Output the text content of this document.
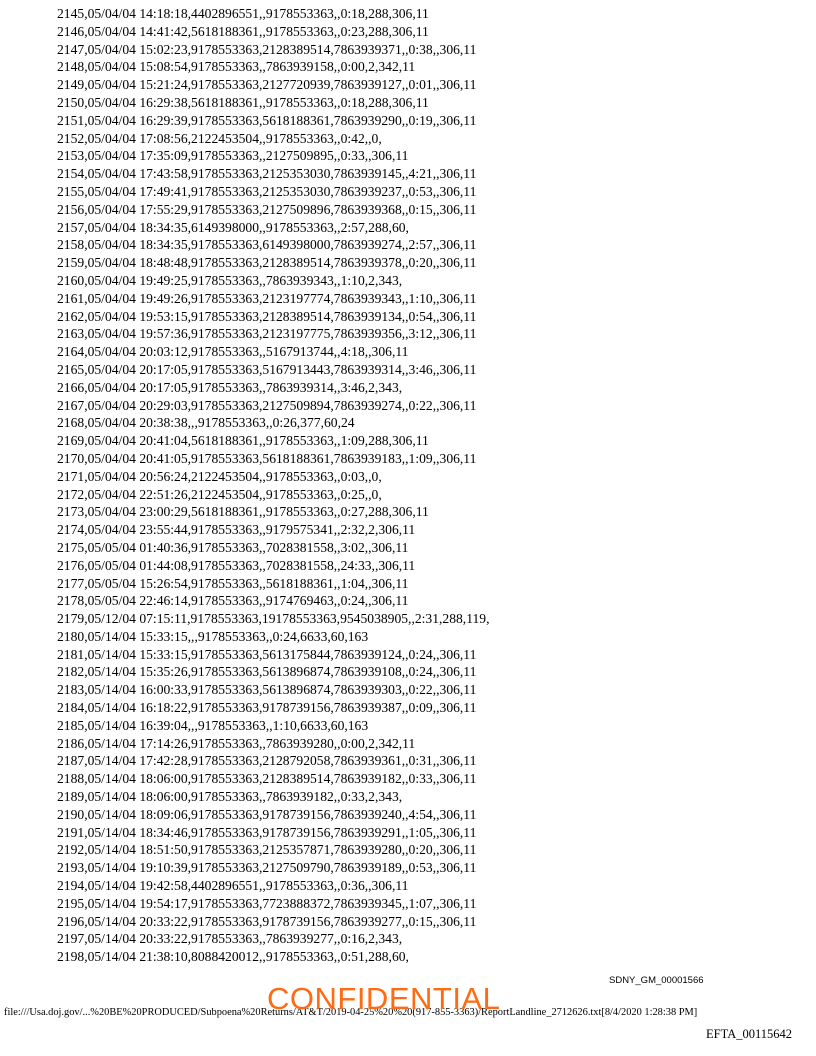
2145,05/04/04 14:18:18,4402896551,,9178553363,,0:18,288,306,11
2146,05/04/04 14:41:42,5618188361,,9178553363,,0:23,288,306,11
2147,05/04/04 15:02:23,9178553363,2128389514,7863939371,,0:38,,306,11
2148,05/04/04 15:08:54,9178553363,,7863939158,,0:00,2,342,11
2149,05/04/04 15:21:24,9178553363,2127720939,7863939127,,0:01,,306,11
2150,05/04/04 16:29:38,5618188361,,9178553363,,0:18,288,306,11
2151,05/04/04 16:29:39,9178553363,5618188361,7863939290,,0:19,,306,11
2152,05/04/04 17:08:56,2122453504,,9178553363,,0:42,,0,
2153,05/04/04 17:35:09,9178553363,,2127509895,,0:33,,306,11
2154,05/04/04 17:43:58,9178553363,2125353030,7863939145,,4:21,,306,11
2155,05/04/04 17:49:41,9178553363,2125353030,7863939237,,0:53,,306,11
2156,05/04/04 17:55:29,9178553363,2127509896,7863939368,,0:15,,306,11
2157,05/04/04 18:34:35,6149398000,,9178553363,,2:57,288,60,
2158,05/04/04 18:34:35,9178553363,6149398000,7863939274,,2:57,,306,11
2159,05/04/04 18:48:48,9178553363,2128389514,7863939378,,0:20,,306,11
2160,05/04/04 19:49:25,9178553363,,7863939343,,1:10,2,343,
2161,05/04/04 19:49:26,9178553363,2123197774,7863939343,,1:10,,306,11
2162,05/04/04 19:53:15,9178553363,2128389514,7863939134,,0:54,,306,11
2163,05/04/04 19:57:36,9178553363,2123197775,7863939356,,3:12,,306,11
2164,05/04/04 20:03:12,9178553363,,5167913744,,4:18,,306,11
2165,05/04/04 20:17:05,9178553363,5167913443,7863939314,,3:46,,306,11
2166,05/04/04 20:17:05,9178553363,,7863939314,,3:46,2,343,
2167,05/04/04 20:29:03,9178553363,2127509894,7863939274,,0:22,,306,11
2168,05/04/04 20:38:38,,,9178553363,,0:26,377,60,24
2169,05/04/04 20:41:04,5618188361,,9178553363,,1:09,288,306,11
2170,05/04/04 20:41:05,9178553363,5618188361,7863939183,,1:09,,306,11
2171,05/04/04 20:56:24,2122453504,,9178553363,,0:03,,0,
2172,05/04/04 22:51:26,2122453504,,9178553363,,0:25,,0,
2173,05/04/04 23:00:29,5618188361,,9178553363,,0:27,288,306,11
2174,05/04/04 23:55:44,9178553363,,9179575341,,2:32,2,306,11
2175,05/05/04 01:40:36,9178553363,,7028381558,,3:02,,306,11
2176,05/05/04 01:44:08,9178553363,,7028381558,,24:33,,306,11
2177,05/05/04 15:26:54,9178553363,,5618188361,,1:04,,306,11
2178,05/05/04 22:46:14,9178553363,,9174769463,,0:24,,306,11
2179,05/12/04 07:15:11,9178553363,19178553363,9545038905,,2:31,288,119,
2180,05/14/04 15:33:15,,,9178553363,,0:24,6633,60,163
2181,05/14/04 15:33:15,9178553363,5613175844,7863939124,,0:24,,306,11
2182,05/14/04 15:35:26,9178553363,5613896874,7863939108,,0:24,,306,11
2183,05/14/04 16:00:33,9178553363,5613896874,7863939303,,0:22,,306,11
2184,05/14/04 16:18:22,9178553363,9178739156,7863939387,,0:09,,306,11
2185,05/14/04 16:39:04,,,9178553363,,1:10,6633,60,163
2186,05/14/04 17:14:26,9178553363,,7863939280,,0:00,2,342,11
2187,05/14/04 17:42:28,9178553363,2128792058,7863939361,,0:31,,306,11
2188,05/14/04 18:06:00,9178553363,2128389514,7863939182,,0:33,,306,11
2189,05/14/04 18:06:00,9178553363,,7863939182,,0:33,2,343,
2190,05/14/04 18:09:06,9178553363,9178739156,7863939240,,4:54,,306,11
2191,05/14/04 18:34:46,9178553363,9178739156,7863939291,,1:05,,306,11
2192,05/14/04 18:51:50,9178553363,2125357871,7863939280,,0:20,,306,11
2193,05/14/04 19:10:39,9178553363,2127509790,7863939189,,0:53,,306,11
2194,05/14/04 19:42:58,4402896551,,9178553363,,0:36,,306,11
2195,05/14/04 19:54:17,9178553363,7723888372,7863939345,,1:07,,306,11
2196,05/14/04 20:33:22,9178553363,9178739156,7863939277,,0:15,,306,11
2197,05/14/04 20:33:22,9178553363,,7863939277,,0:16,2,343,
2198,05/14/04 21:38:10,8088420012,,9178553363,,0:51,288,60,
SDNY_GM_00001566
file:///Usa.doj.gov/...%20BE%20PRODUCED/Subpoena%20Returns/AT&T/2019-04-25%20%20(917-855-3363)/ReportLandline_2712626.txt[8/4/2020 1:28:38 PM]
CONFIDENTIAL
EFTA_00115642
